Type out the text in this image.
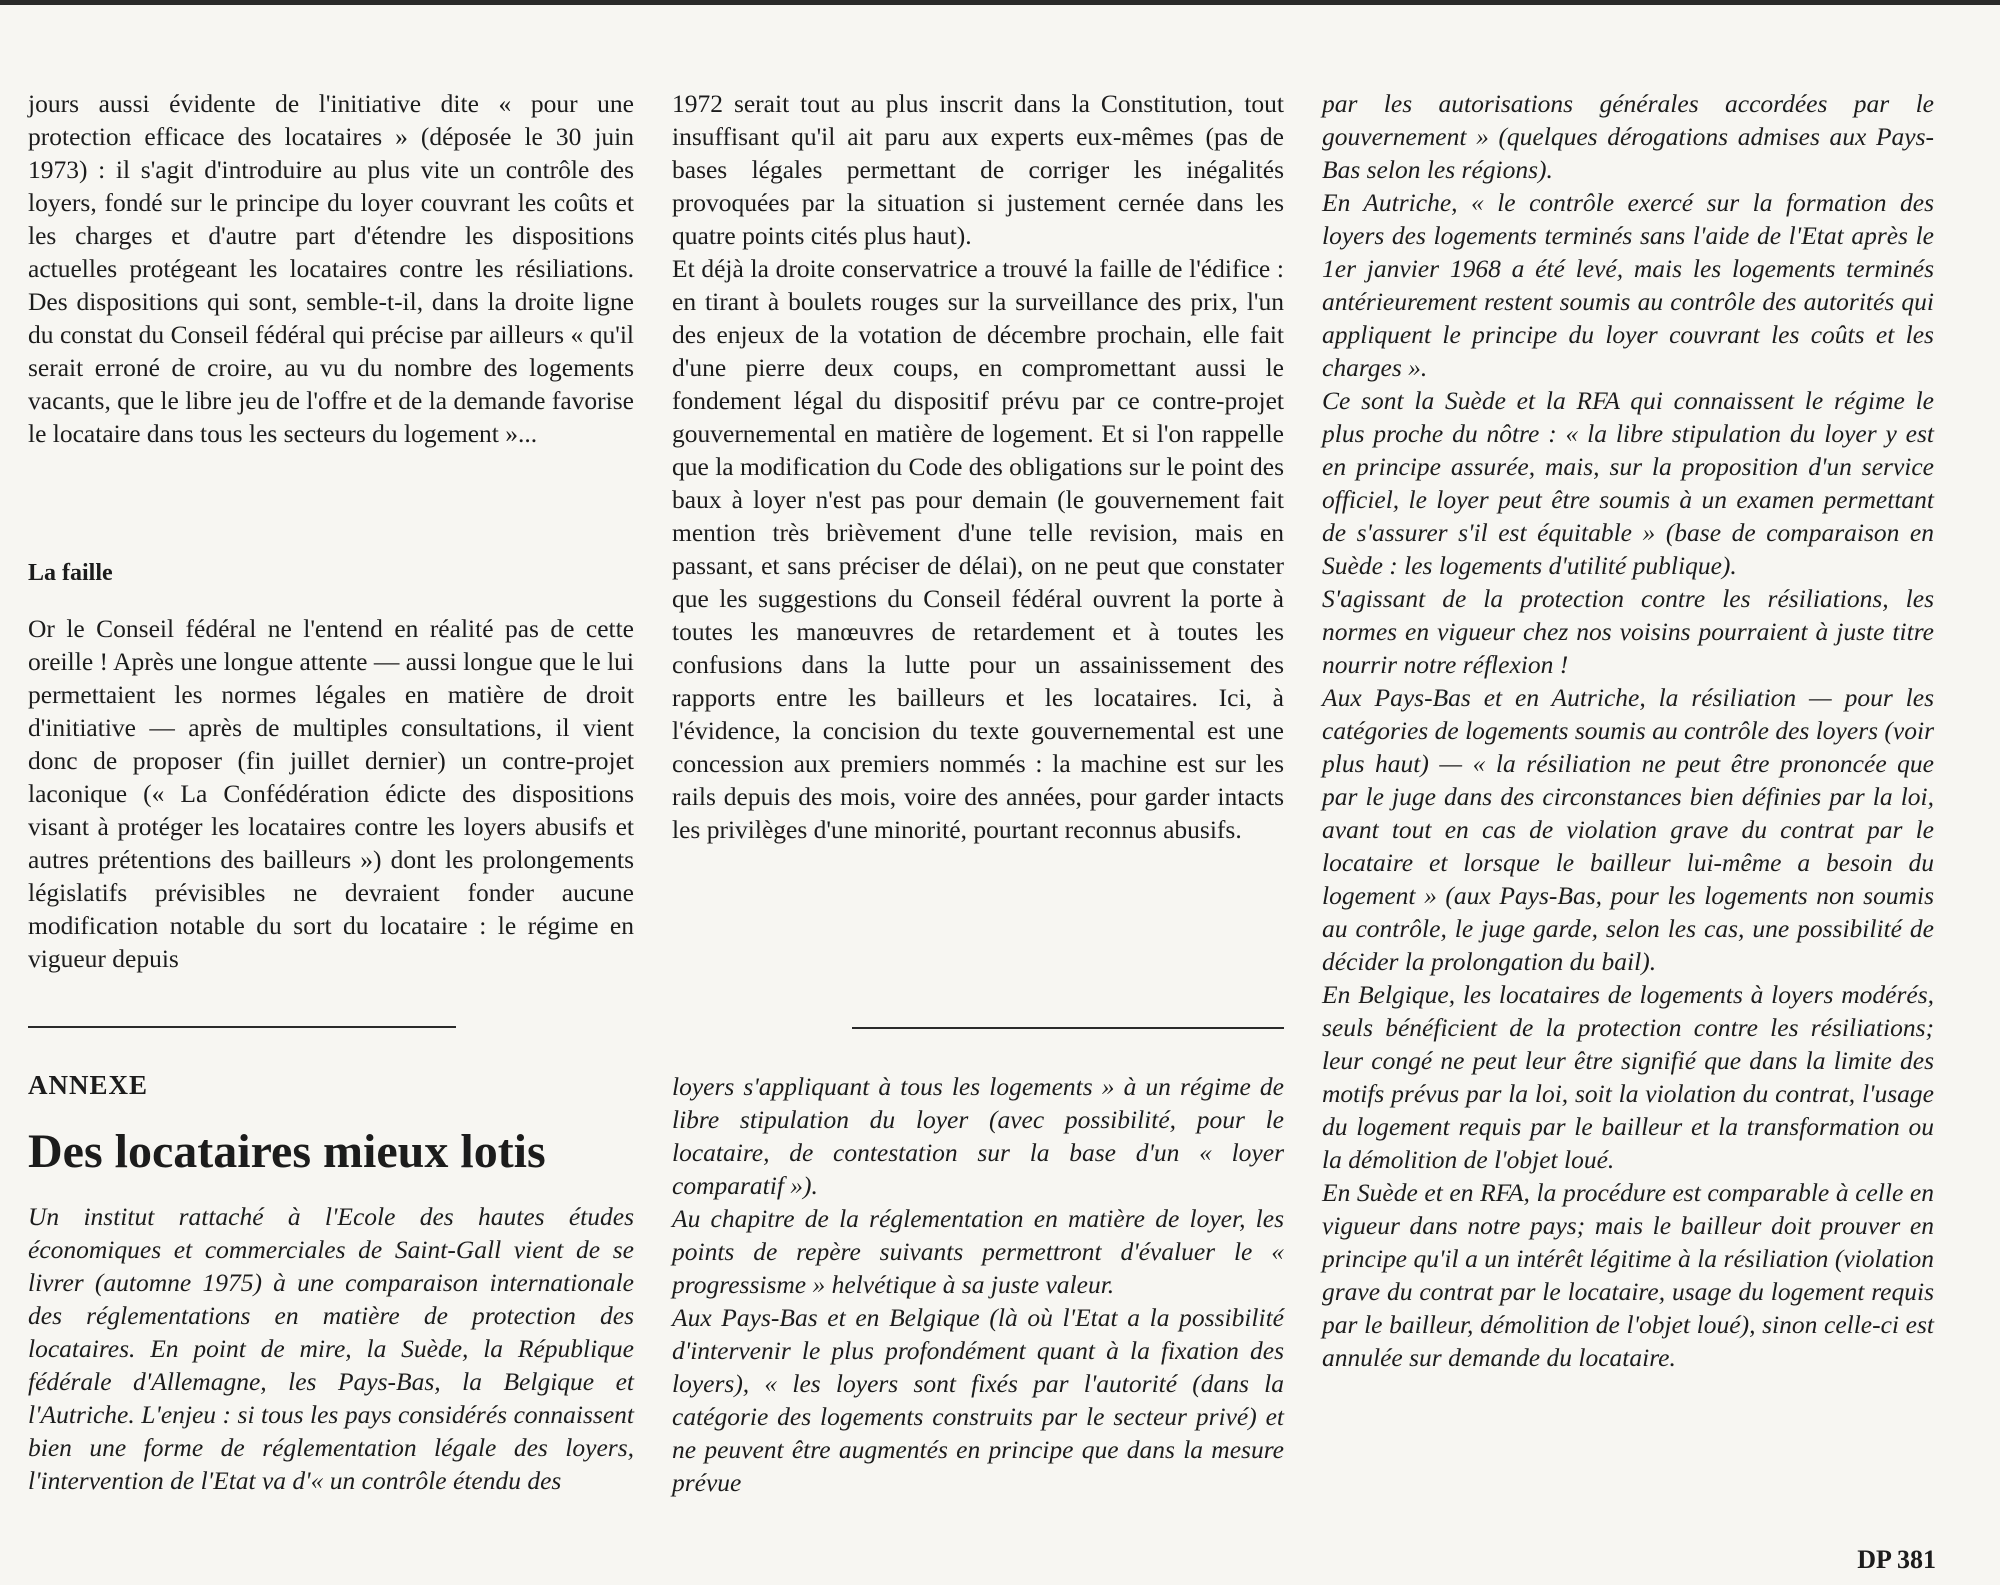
jours aussi évidente de l'initiative dite « pour une protection efficace des locataires » (déposée le 30 juin 1973) : il s'agit d'introduire au plus vite un contrôle des loyers, fondé sur le principe du loyer couvrant les coûts et les charges et d'autre part d'étendre les dispositions actuelles protégeant les locataires contre les résiliations. Des dispositions qui sont, semble-t-il, dans la droite ligne du constat du Conseil fédéral qui précise par ailleurs « qu'il serait erroné de croire, au vu du nombre des logements vacants, que le libre jeu de l'offre et de la demande favorise le locataire dans tous les secteurs du logement »...

La faille

Or le Conseil fédéral ne l'entend en réalité pas de cette oreille ! Après une longue attente — aussi longue que le lui permettaient les normes légales en matière de droit d'initiative — après de multiples consultations, il vient donc de proposer (fin juillet dernier) un contre-projet laconique (« La Confédération édicte des dispositions visant à protéger les locataires contre les loyers abusifs et autres prétentions des bailleurs ») dont les prolongements législatifs prévisibles ne devraient fonder aucune modification notable du sort du locataire : le régime en vigueur depuis

1972 serait tout au plus inscrit dans la Constitution, tout insuffisant qu'il ait paru aux experts eux-mêmes (pas de bases légales permettant de corriger les inégalités provoquées par la situation si justement cernée dans les quatre points cités plus haut).

Et déjà la droite conservatrice a trouvé la faille de l'édifice : en tirant à boulets rouges sur la surveillance des prix, l'un des enjeux de la votation de décembre prochain, elle fait d'une pierre deux coups, en compromettant aussi le fondement légal du dispositif prévu par ce contre-projet gouvernemental en matière de logement. Et si l'on rappelle que la modification du Code des obligations sur le point des baux à loyer n'est pas pour demain (le gouvernement fait mention très brièvement d'une telle revision, mais en passant, et sans préciser de délai), on ne peut que constater que les suggestions du Conseil fédéral ouvrent la porte à toutes les manœuvres de retardement et à toutes les confusions dans la lutte pour un assainissement des rapports entre les bailleurs et les locataires. Ici, à l'évidence, la concision du texte gouvernemental est une concession aux premiers nommés : la machine est sur les rails depuis des mois, voire des années, pour garder intacts les privilèges d'une minorité, pourtant reconnus abusifs.

ANNEXE
Des locataires mieux lotis

Un institut rattaché à l'Ecole des hautes études économiques et commerciales de Saint-Gall vient de se livrer (automne 1975) à une comparaison internationale des réglementations en matière de protection des locataires. En point de mire, la Suède, la République fédérale d'Allemagne, les Pays-Bas, la Belgique et l'Autriche. L'enjeu : si tous les pays considérés connaissent bien une forme de réglementation légale des loyers, l'intervention de l'Etat va d'« un contrôle étendu des

loyers s'appliquant à tous les logements » à un régime de libre stipulation du loyer (avec possibilité, pour le locataire, de contestation sur la base d'un « loyer comparatif »).

Au chapitre de la réglementation en matière de loyer, les points de repère suivants permettront d'évaluer le « progressisme » helvétique à sa juste valeur.

Aux Pays-Bas et en Belgique (là où l'Etat a la possibilité d'intervenir le plus profondément quant à la fixation des loyers), « les loyers sont fixés par l'autorité (dans la catégorie des logements construits par le secteur privé) et ne peuvent être augmentés en principe que dans la mesure prévue

par les autorisations générales accordées par le gouvernement » (quelques dérogations admises aux Pays-Bas selon les régions).

En Autriche, « le contrôle exercé sur la formation des loyers des logements terminés sans l'aide de l'Etat après le 1er janvier 1968 a été levé, mais les logements terminés antérieurement restent soumis au contrôle des autorités qui appliquent le principe du loyer couvrant les coûts et les charges ».

Ce sont la Suède et la RFA qui connaissent le régime le plus proche du nôtre : « la libre stipulation du loyer y est en principe assurée, mais, sur la proposition d'un service officiel, le loyer peut être soumis à un examen permettant de s'assurer s'il est équitable » (base de comparaison en Suède : les logements d'utilité publique).

S'agissant de la protection contre les résiliations, les normes en vigueur chez nos voisins pourraient à juste titre nourrir notre réflexion !

Aux Pays-Bas et en Autriche, la résiliation — pour les catégories de logements soumis au contrôle des loyers (voir plus haut) — « la résiliation ne peut être prononcée que par le juge dans des circonstances bien définies par la loi, avant tout en cas de violation grave du contrat par le locataire et lorsque le bailleur lui-même a besoin du logement » (aux Pays-Bas, pour les logements non soumis au contrôle, le juge garde, selon les cas, une possibilité de décider la prolongation du bail).

En Belgique, les locataires de logements à loyers modérés, seuls bénéficient de la protection contre les résiliations; leur congé ne peut leur être signifié que dans la limite des motifs prévus par la loi, soit la violation du contrat, l'usage du logement requis par le bailleur et la transformation ou la démolition de l'objet loué.

En Suède et en RFA, la procédure est comparable à celle en vigueur dans notre pays; mais le bailleur doit prouver en principe qu'il a un intérêt légitime à la résiliation (violation grave du contrat par le locataire, usage du logement requis par le bailleur, démolition de l'objet loué), sinon celle-ci est annulée sur demande du locataire.

DP 381
